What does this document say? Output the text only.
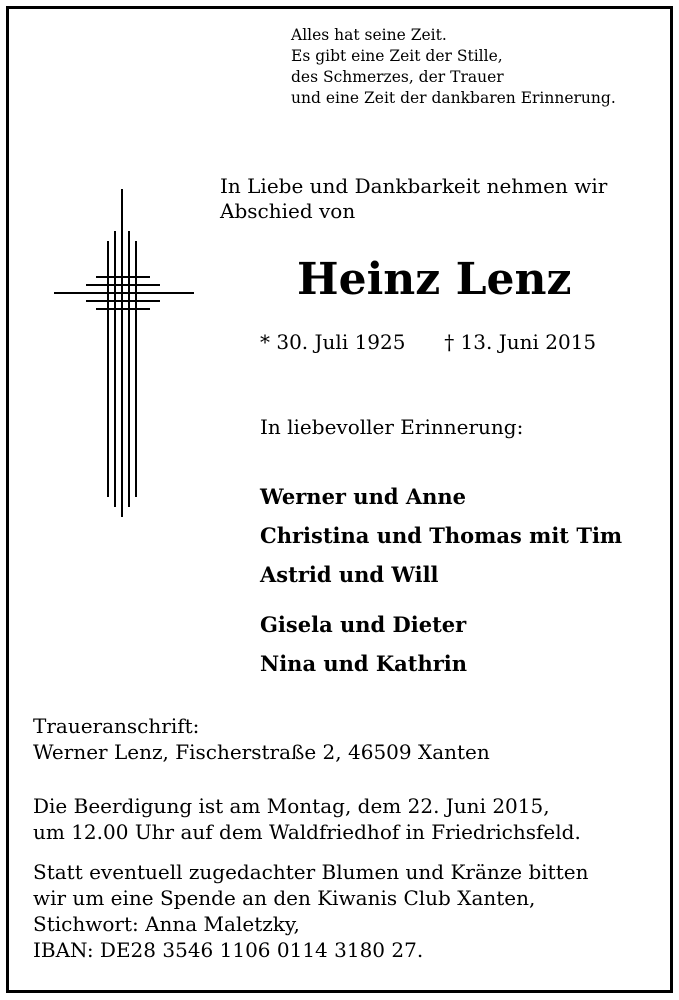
Alles hat seine Zeit.

Es gibt eine Zeit der Stille,

des Schmerzes, der Trauer

und eine Zeit der dankbaren Erinnerung.

In Liebe und Dankbarkeit nehmen wir

Abschied von

Heinz Lenz

* 30. Juli 1925 † 13. Juni 2015

In liebevoller Erinnerung:

Werner und Anne

Christina und Thomas mit Tim

Astrid und Will

Gisela und Dieter

Nina und Kathrin

Traueranschrift:

Werner Lenz, Fischerstraße 2, 46509 Xanten

Die Beerdigung ist am Montag, dem 22. Juni 2015,

um 12.00 Uhr auf dem Waldfriedhof in Friedrichsfeld.

Statt eventuell zugedachter Blumen und Kränze bitten

wir um eine Spende an den Kiwanis Club Xanten,

Stichwort: Anna Maletzky,

IBAN: DE28 3546 1106 0114 3180 27.
